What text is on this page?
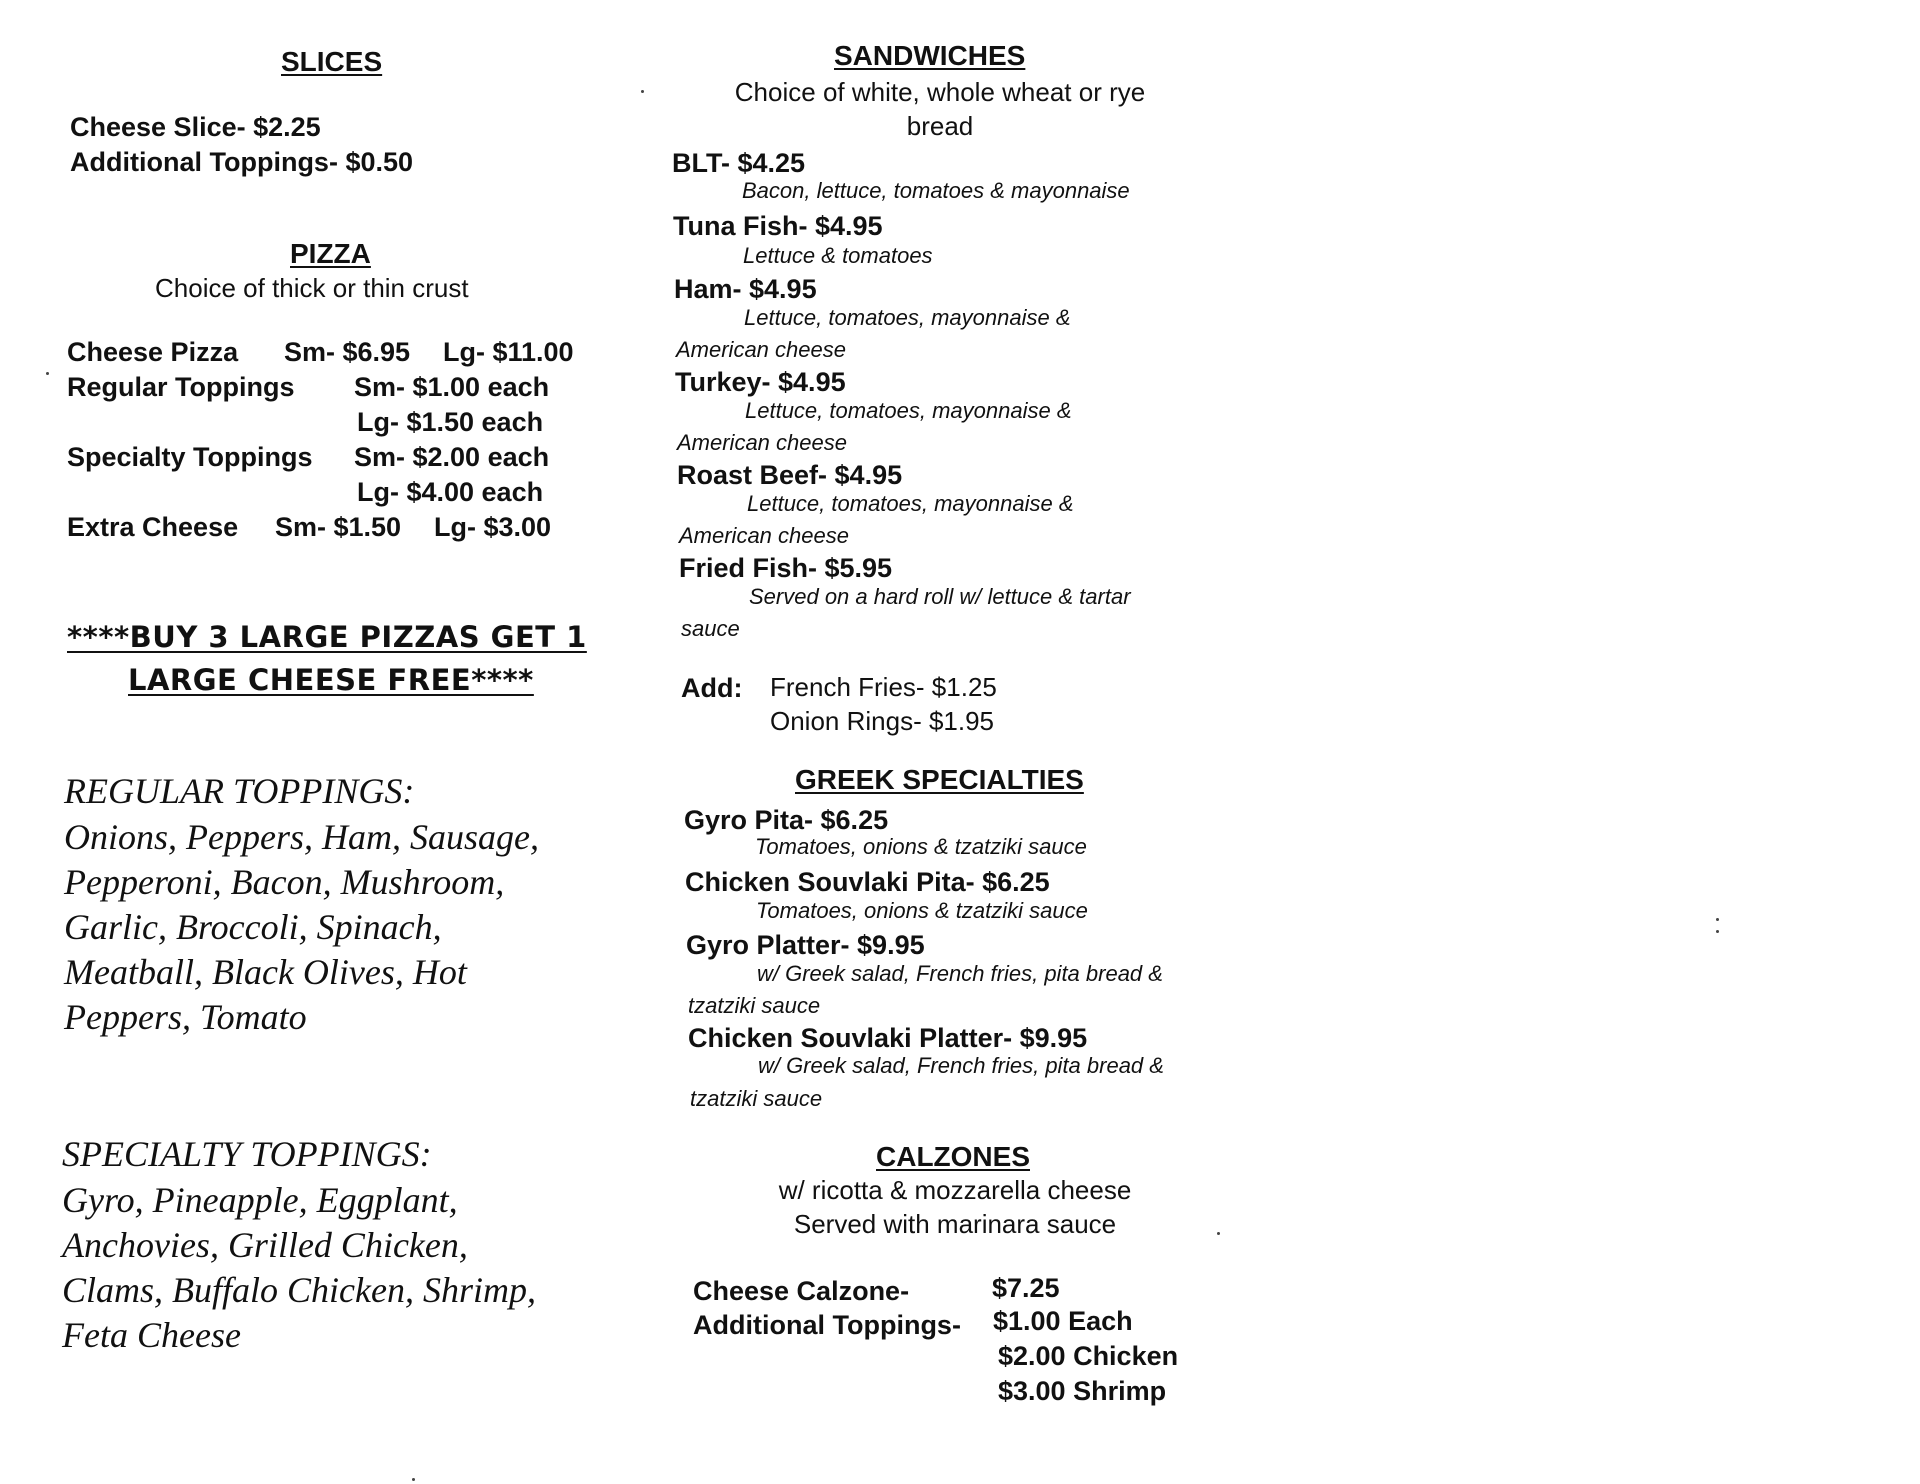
SLICES
Cheese Slice- $2.25
Additional Toppings- $0.50
PIZZA
Choice of thick or thin crust
Cheese Pizza Sm- $6.95 Lg- $11.00
Regular Toppings Sm- $1.00 each
Lg- $1.50 each
Specialty Toppings Sm- $2.00 each
Lg- $4.00 each
Extra Cheese Sm- $1.50 Lg- $3.00
****BUY 3 LARGE PIZZAS GET 1
LARGE CHEESE FREE****
REGULAR TOPPINGS:
Onions, Peppers, Ham, Sausage,
Pepperoni, Bacon, Mushroom,
Garlic, Broccoli, Spinach,
Meatball, Black Olives, Hot
Peppers, Tomato
SPECIALTY TOPPINGS:
Gyro, Pineapple, Eggplant,
Anchovies, Grilled Chicken,
Clams, Buffalo Chicken, Shrimp,
Feta Cheese
SANDWICHES
Choice of white, whole wheat or rye
bread
BLT- $4.25
Bacon, lettuce, tomatoes & mayonnaise
Tuna Fish- $4.95
Lettuce & tomatoes
Ham- $4.95
Lettuce, tomatoes, mayonnaise &
American cheese
Turkey- $4.95
Lettuce, tomatoes, mayonnaise &
American cheese
Roast Beef- $4.95
Lettuce, tomatoes, mayonnaise &
American cheese
Fried Fish- $5.95
Served on a hard roll w/ lettuce & tartar
sauce
Add: French Fries- $1.25
Onion Rings- $1.95
GREEK SPECIALTIES
Gyro Pita- $6.25
Tomatoes, onions & tzatziki sauce
Chicken Souvlaki Pita- $6.25
Tomatoes, onions & tzatziki sauce
Gyro Platter- $9.95
w/ Greek salad, French fries, pita bread &
tzatziki sauce
Chicken Souvlaki Platter- $9.95
w/ Greek salad, French fries, pita bread &
tzatziki sauce
CALZONES
w/ ricotta & mozzarella cheese
Served with marinara sauce
Cheese Calzone-	$7.25
Additional Toppings- $1.00 Each
$2.00 Chicken
$3.00 Shrimp
